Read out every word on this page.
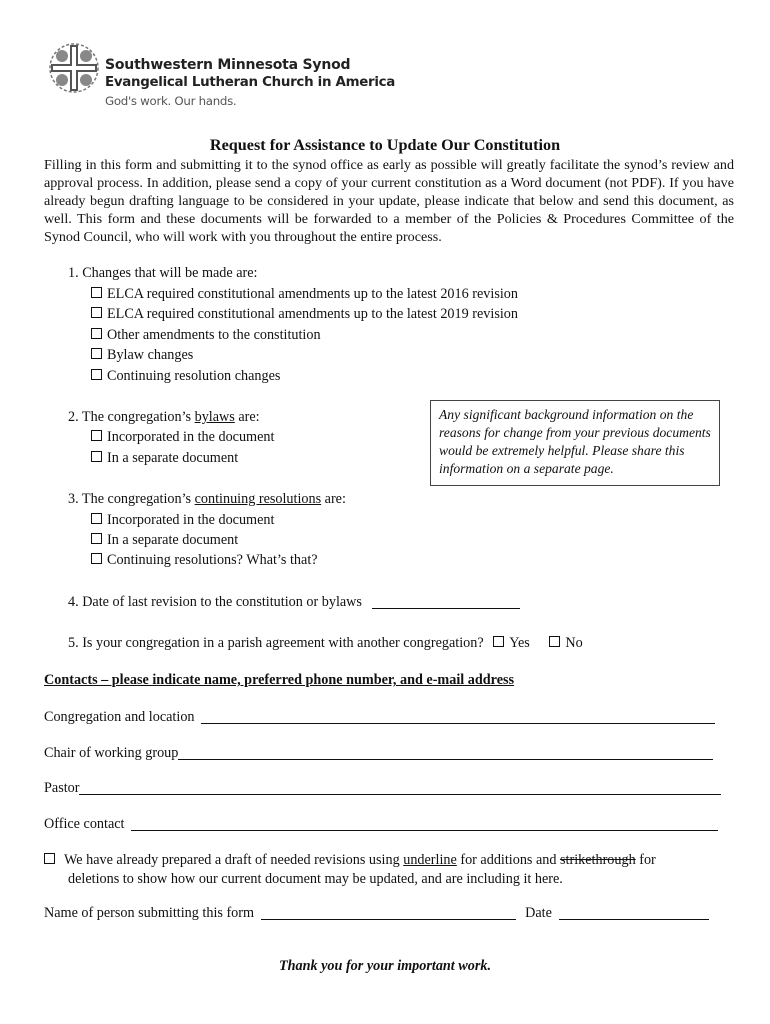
Southwestern Minnesota Synod
Evangelical Lutheran Church in America
God's work. Our hands.
Request for Assistance to Update Our Constitution
Filling in this form and submitting it to the synod office as early as possible will greatly facilitate the synod’s review and approval process. In addition, please send a copy of your current constitution as a Word document (not PDF). If you have already begun drafting language to be considered in your update, please indicate that below and send this document, as well. This form and these documents will be forwarded to a member of the Policies & Procedures Committee of the Synod Council, who will work with you throughout the entire process.
1. Changes that will be made are:
ELCA required constitutional amendments up to the latest 2016 revision
ELCA required constitutional amendments up to the latest 2019 revision
Other amendments to the constitution
Bylaw changes
Continuing resolution changes
2. The congregation’s bylaws are:
Incorporated in the document
In a separate document
Any significant background information on the reasons for change from your previous documents would be extremely helpful. Please share this information on a separate page.
3. The congregation’s continuing resolutions are:
Incorporated in the document
In a separate document
Continuing resolutions? What’s that?
4. Date of last revision to the constitution or bylaws
5. Is your congregation in a parish agreement with another congregation? Yes	No
Contacts – please indicate name, preferred phone number, and e-mail address
Congregation and location
Chair of working group
Pastor
Office contact
We have already prepared a draft of needed revisions using underline for additions and strikethrough for
deletions to show how our current document may be updated, and are including it here.
Name of person submitting this form	Date
Thank you for your important work.
